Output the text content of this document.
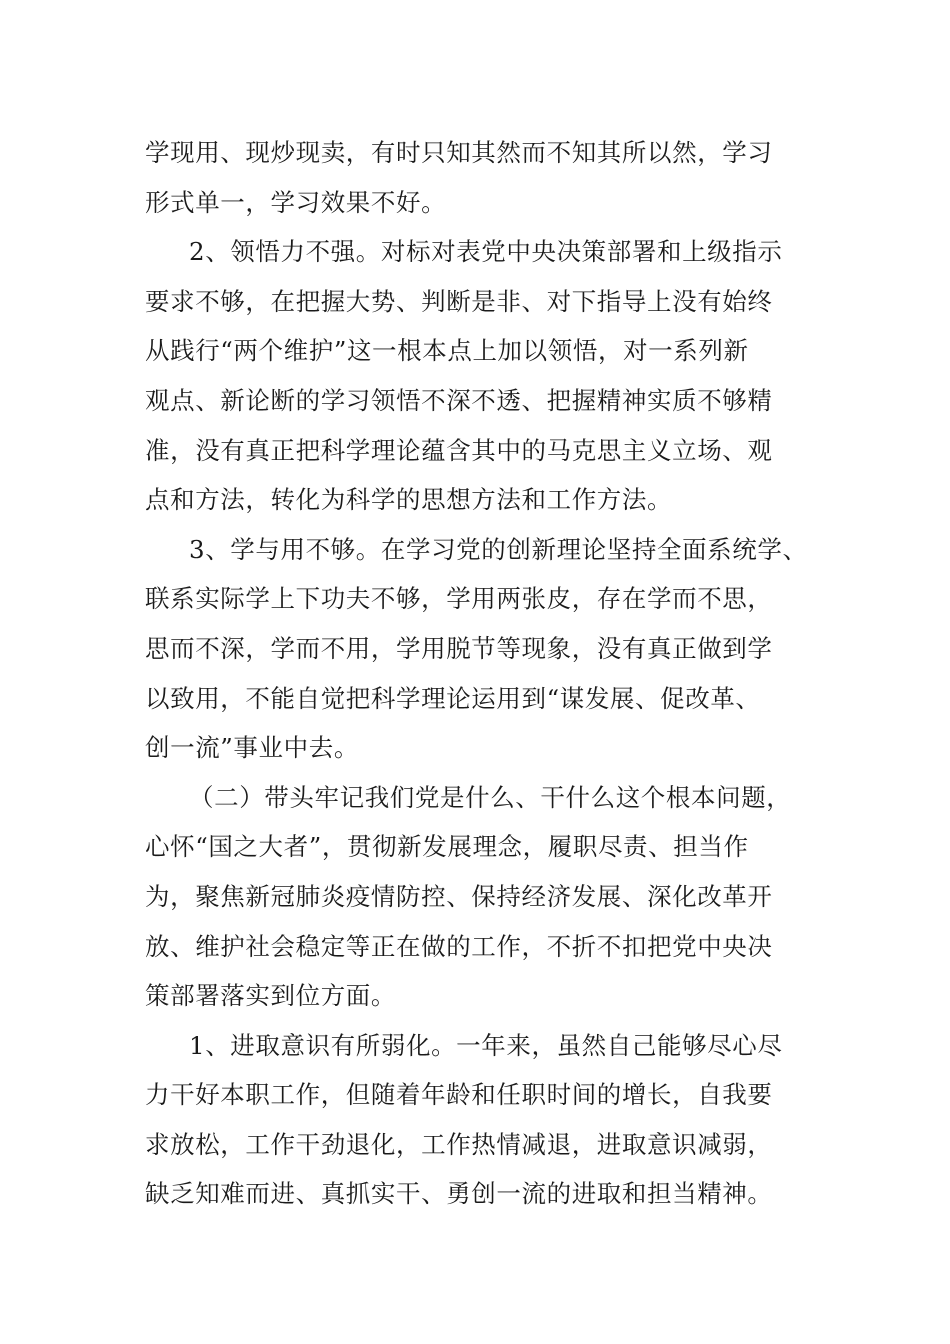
学现用、现炒现卖，有时只知其然而不知其所以然，学习
形式单一，学习效果不好。
2、领悟力不强。对标对表党中央决策部署和上级指示
要求不够，在把握大势、判断是非、对下指导上没有始终
从践行“两个维护”这一根本点上加以领悟，对一系列新
观点、新论断的学习领悟不深不透、把握精神实质不够精
准，没有真正把科学理论蕴含其中的马克思主义立场、观
点和方法，转化为科学的思想方法和工作方法。
3、学与用不够。在学习党的创新理论坚持全面系统学、
联系实际学上下功夫不够，学用两张皮，存在学而不思，
思而不深，学而不用，学用脱节等现象，没有真正做到学
以致用，不能自觉把科学理论运用到“谋发展、促改革、
创一流”事业中去。
（二）带头牢记我们党是什么、干什么这个根本问题，
心怀“国之大者”，贯彻新发展理念，履职尽责、担当作
为，聚焦新冠肺炎疫情防控、保持经济发展、深化改革开
放、维护社会稳定等正在做的工作，不折不扣把党中央决
策部署落实到位方面。
1、进取意识有所弱化。一年来，虽然自己能够尽心尽
力干好本职工作，但随着年龄和任职时间的增长，自我要
求放松，工作干劲退化，工作热情减退，进取意识减弱，
缺乏知难而进、真抓实干、勇创一流的进取和担当精神。
